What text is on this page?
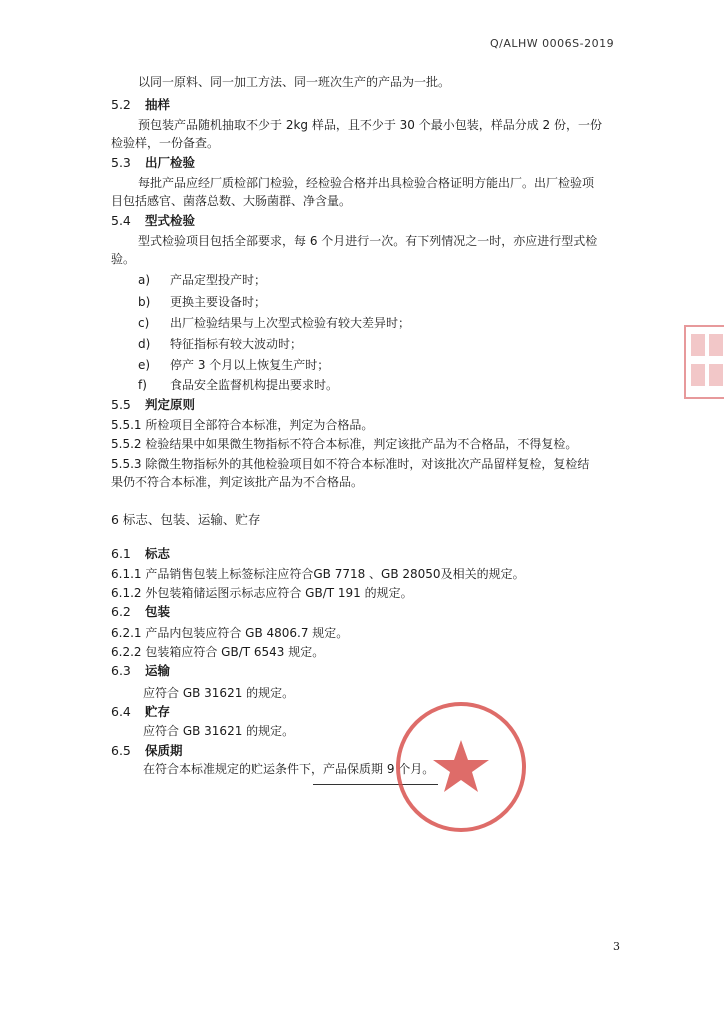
Q/ALHW 0006S-2019
以同一原料、同一加工方法、同一班次生产的产品为一批。
5.2 抽样
预包装产品随机抽取不少于 2kg 样品，且不少于 30 个最小包装，样品分成 2 份，一份
检验样，一份备查。
5.3 出厂检验
每批产品应经厂质检部门检验，经检验合格并出具检验合格证明方能出厂。出厂检验项
目包括感官、菌落总数、大肠菌群、净含量。
5.4 型式检验
型式检验项目包括全部要求，每 6 个月进行一次。有下列情况之一时，亦应进行型式检
验。
a) 产品定型投产时；
b) 更换主要设备时；
c) 出厂检验结果与上次型式检验有较大差异时；
d) 特征指标有较大波动时；
e) 停产 3 个月以上恢复生产时；
f) 食品安全监督机构提出要求时。
5.5 判定原则
5.5.1 所检项目全部符合本标准，判定为合格品。
5.5.2 检验结果中如果微生物指标不符合本标准，判定该批产品为不合格品，不得复检。
5.5.3 除微生物指标外的其他检验项目如不符合本标准时，对该批次产品留样复检，复检结
果仍不符合本标准，判定该批产品为不合格品。
6 标志、包装、运输、贮存
6.1 标志
6.1.1 产品销售包装上标签标注应符合GB 7718 、GB 28050及相关的规定。
6.1.2 外包装箱储运图示标志应符合 GB/T 191 的规定。
6.2 包装
6.2.1 产品内包装应符合 GB 4806.7 规定。
6.2.2 包装箱应符合 GB/T 6543 规定。
6.3 运输
应符合 GB 31621 的规定。
6.4 贮存
应符合 GB 31621 的规定。
6.5 保质期
在符合本标准规定的贮运条件下，产品保质期 9 个月。
3
